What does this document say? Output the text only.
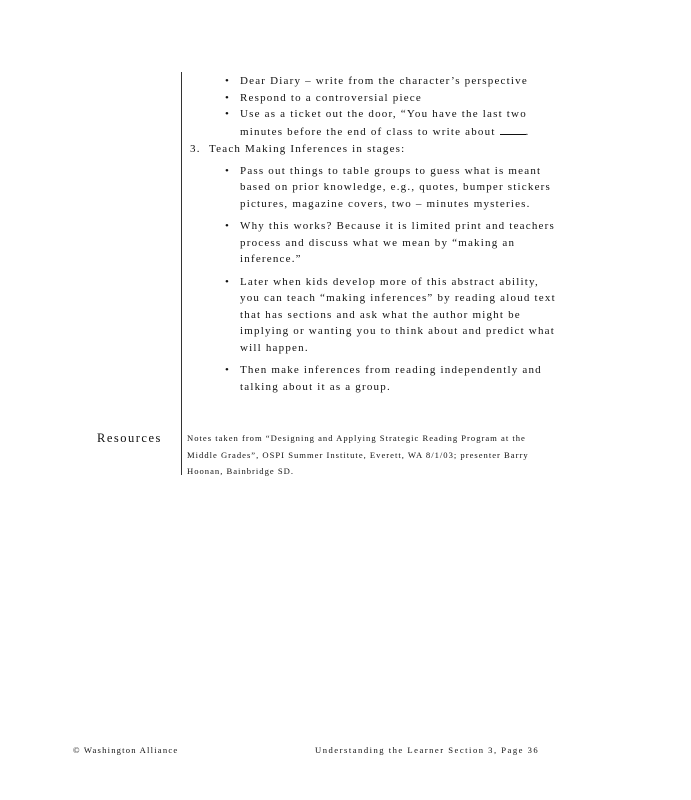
• Dear Diary – write from the character’s perspective
• Respond to a controversial piece
• Use as a ticket out the door, “You have the last two minutes before the end of class to write about	.
3. Teach Making Inferences in stages:
• Pass out things to table groups to guess what is meant based on prior knowledge, e.g., quotes, bumper stickers pictures, magazine covers, two – minutes mysteries.
• Why this works? Because it is limited print and teachers process and discuss what we mean by “making an inference.”
• Later when kids develop more of this abstract ability, you can teach “making inferences” by reading aloud text that has sections and ask what the author might be implying or wanting you to think about and predict what will happen.
• Then make inferences from reading independently and talking about it as a group.
Resources	Notes taken from “Designing and Applying Strategic Reading Program at the Middle Grades”, OSPI Summer Institute, Everett, WA 8/1/03; presenter Barry Hoonan, Bainbridge SD.
© Washington Alliance	Understanding the Learner Section 3, Page 36
